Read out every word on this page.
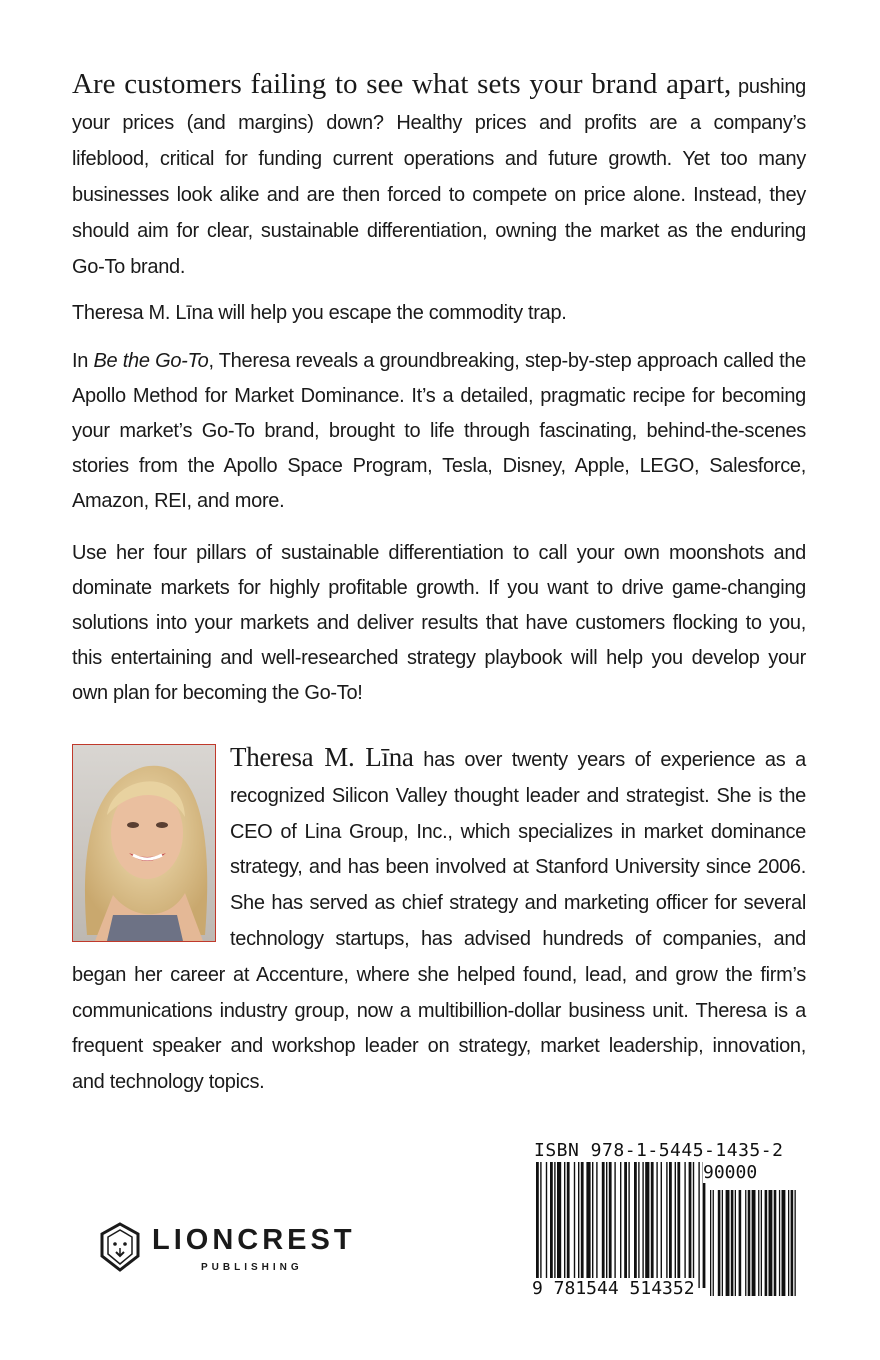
Are customers failing to see what sets your brand apart, pushing your prices (and margins) down? Healthy prices and profits are a company’s lifeblood, critical for funding current operations and future growth. Yet too many businesses look alike and are then forced to compete on price alone. Instead, they should aim for clear, sustainable differentiation, owning the market as the enduring Go-To brand.

Theresa M. Līna will help you escape the commodity trap.

In Be the Go-To, Theresa reveals a groundbreaking, step-by-step approach called the Apollo Method for Market Dominance. It’s a detailed, pragmatic recipe for becoming your market’s Go-To brand, brought to life through fascinating, behind-the-scenes stories from the Apollo Space Program, Tesla, Disney, Apple, LEGO, Salesforce, Amazon, REI, and more.

Use her four pillars of sustainable differentiation to call your own moonshots and dominate markets for highly profitable growth. If you want to drive game-changing solutions into your markets and deliver results that have customers flocking to you, this entertaining and well-researched strategy playbook will help you develop your own plan for becoming the Go-To!

Theresa M. Līna has over twenty years of experience as a recognized Silicon Valley thought leader and strategist. She is the CEO of Lina Group, Inc., which specializes in market dominance strategy, and has been involved at Stanford University since 2006. She has served as chief strategy and marketing officer for several technology startups, has advised hundreds of companies, and began her career at Accenture, where she helped found, lead, and grow the firm’s communications industry group, now a multibillion-dollar business unit. Theresa is a frequent speaker and workshop leader on strategy, market leadership, innovation, and technology topics.

LIONCREST
PUBLISHING
ISBN 978-1-5445-1435-2
90000
9 781544 514352
